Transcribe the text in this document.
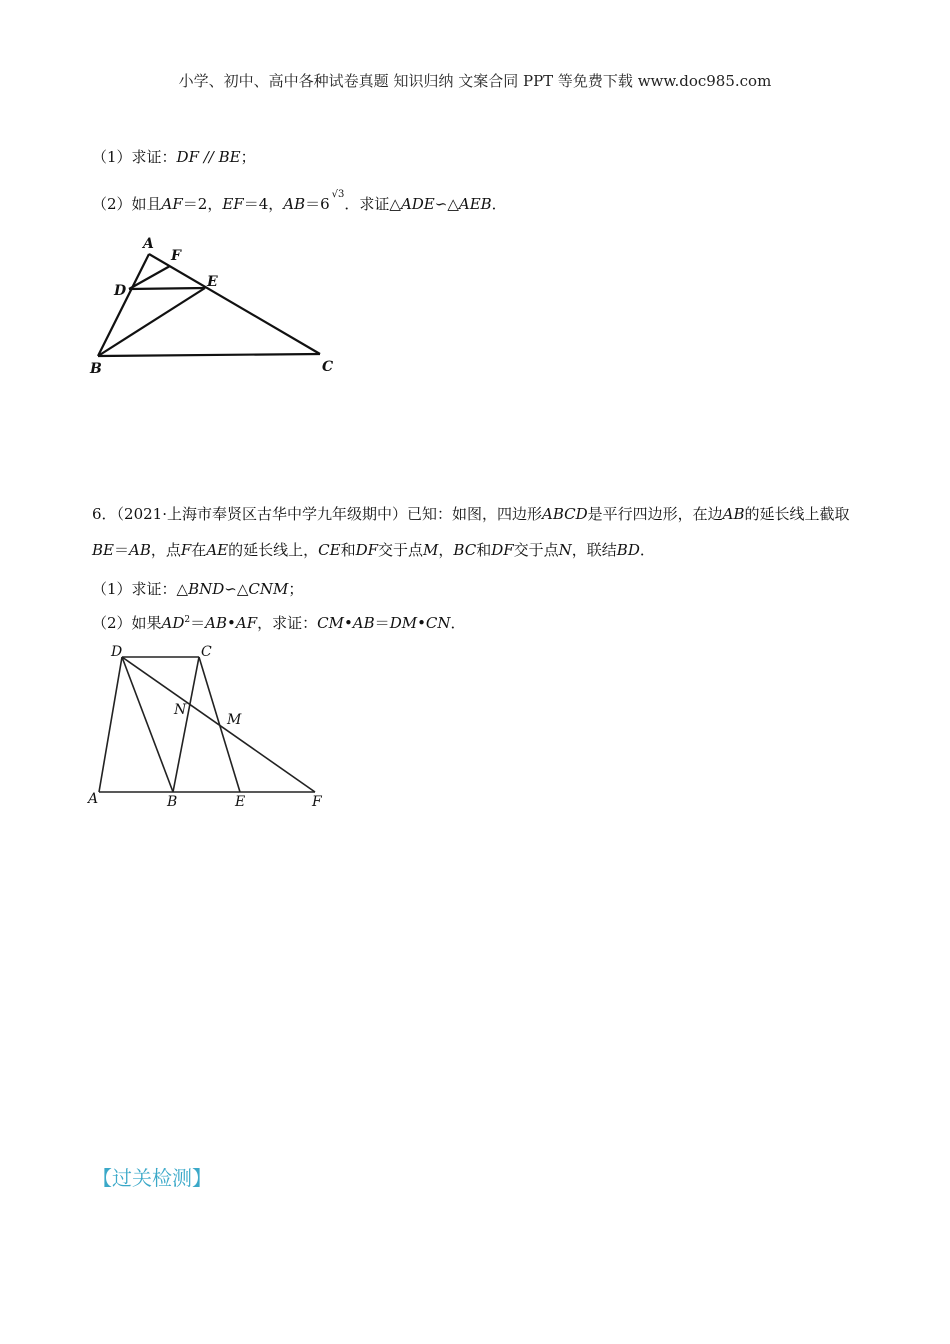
小学、初中、高中各种试卷真题 知识归纳 文案合同 PPT 等免费下载 www.doc985.com
（1）求证：DF // BE；
（2）如且AF＝2，EF＝4，AB＝6√3．求证△ADE∽△AEB．
A
F
D
E
B	C
6．（2021·上海市奉贤区古华中学九年级期中）已知：如图，四边形ABCD是平行四边形，在边AB的延长线上截取BE＝AB，点F在AE的延长线上，CE和DF交于点M，BC和DF交于点N，联结BD．
（1）求证：△BND∽△CNM；
（2）如果$AD^2=AB•AF$，求证：CM•AB＝DM•CN．
D	C
N
M
A	B	E	F
【过关检测】
